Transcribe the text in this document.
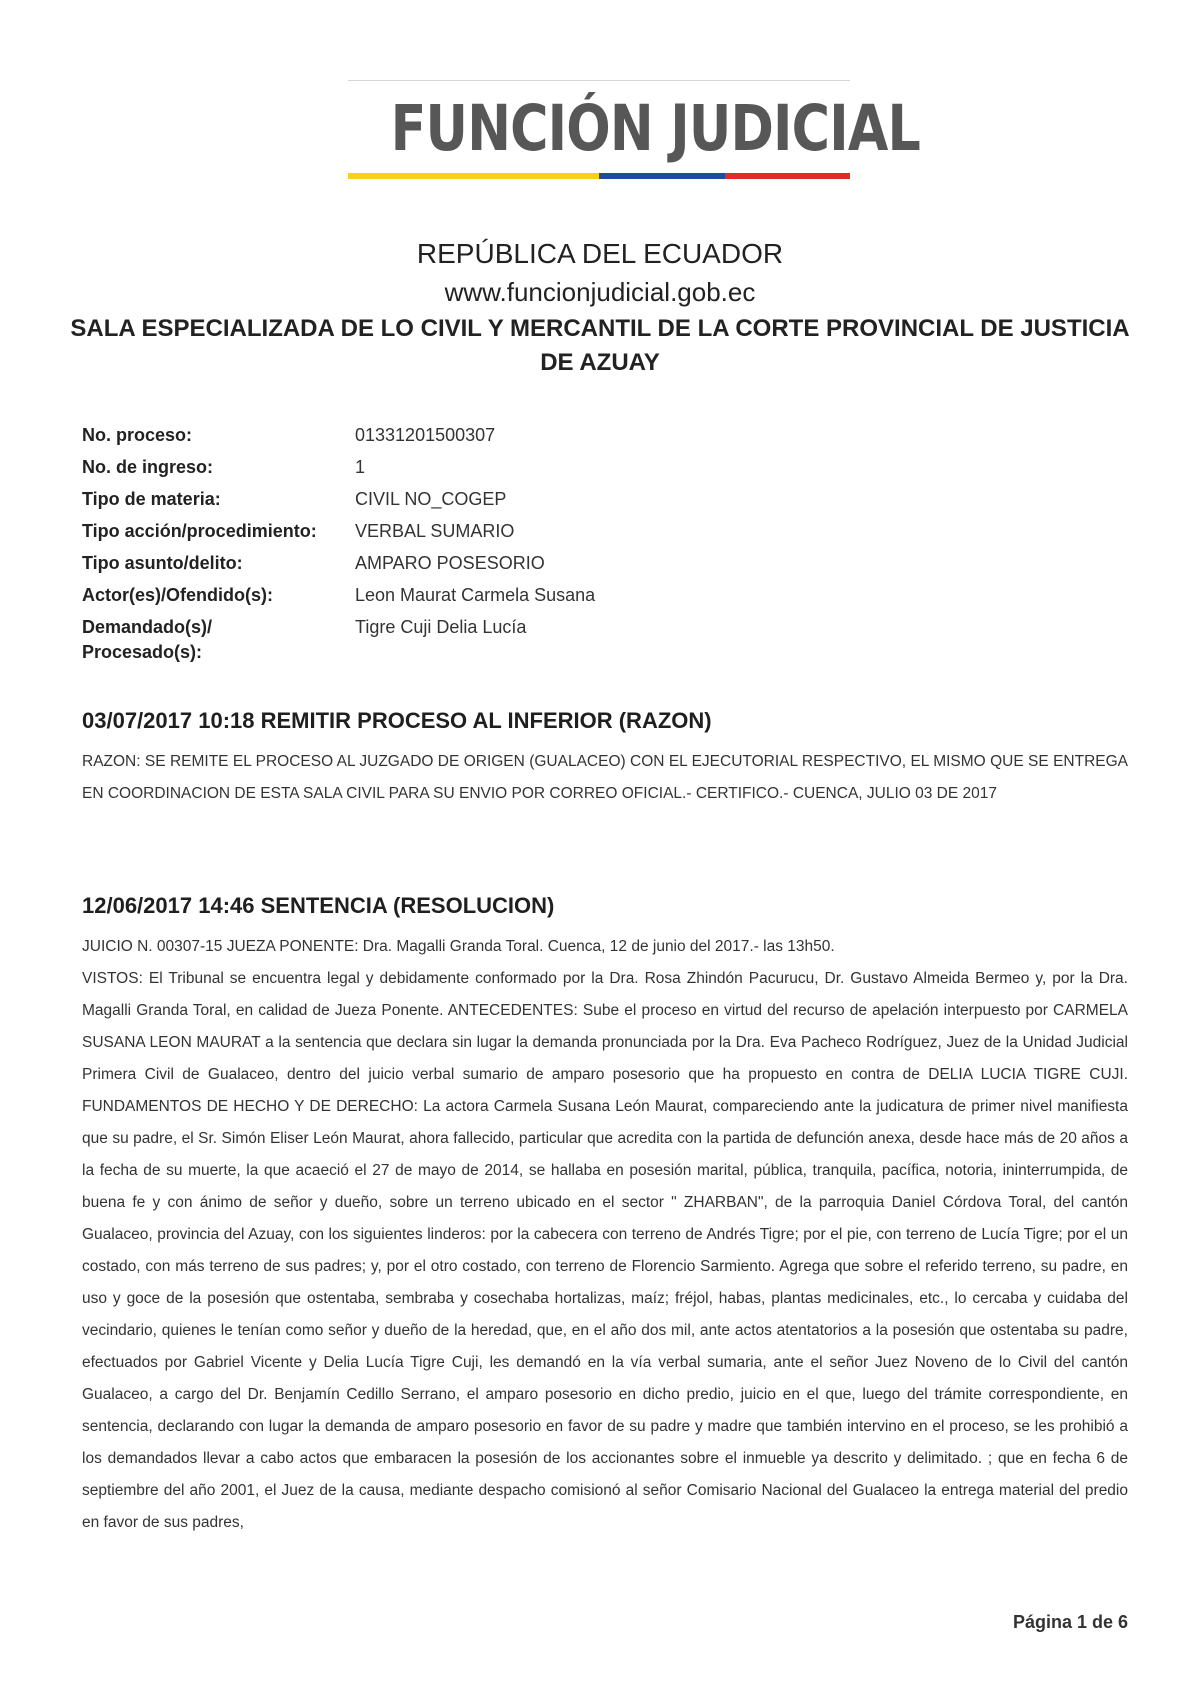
FUNCIÓN JUDICIAL
REPÚBLICA DEL ECUADOR
www.funcionjudicial.gob.ec
SALA ESPECIALIZADA DE LO CIVIL Y MERCANTIL DE LA CORTE PROVINCIAL DE JUSTICIA DE AZUAY
No. proceso:	01331201500307
No. de ingreso:	1
Tipo de materia:	CIVIL NO_COGEP
Tipo acción/procedimiento:	VERBAL SUMARIO
Tipo asunto/delito:	AMPARO POSESORIO
Actor(es)/Ofendido(s):	Leon Maurat Carmela Susana
Demandado(s)/ Procesado(s):
Tigre Cuji Delia Lucía
03/07/2017 10:18 REMITIR PROCESO AL INFERIOR (RAZON)

RAZON: SE REMITE EL PROCESO AL JUZGADO DE ORIGEN (GUALACEO) CON EL EJECUTORIAL RESPECTIVO, EL MISMO QUE SE ENTREGA EN COORDINACION DE ESTA SALA CIVIL PARA SU ENVIO POR CORREO OFICIAL.- CERTIFICO.- CUENCA, JULIO 03 DE 2017

12/06/2017 14:46 SENTENCIA (RESOLUCION)

JUICIO N. 00307-15 JUEZA PONENTE: Dra. Magalli Granda Toral. Cuenca, 12 de junio del 2017.- las 13h50.

VISTOS: El Tribunal se encuentra legal y debidamente conformado por la Dra. Rosa Zhindón Pacurucu, Dr. Gustavo Almeida Bermeo y, por la Dra. Magalli Granda Toral, en calidad de Jueza Ponente. ANTECEDENTES: Sube el proceso en virtud del recurso de apelación interpuesto por CARMELA SUSANA LEON MAURAT a la sentencia que declara sin lugar la demanda pronunciada por la Dra. Eva Pacheco Rodríguez, Juez de la Unidad Judicial Primera Civil de Gualaceo, dentro del juicio verbal sumario de amparo posesorio que ha propuesto en contra de DELIA LUCIA TIGRE CUJI. FUNDAMENTOS DE HECHO Y DE DERECHO: La actora Carmela Susana León Maurat, compareciendo ante la judicatura de primer nivel manifiesta que su padre, el Sr. Simón Eliser León Maurat, ahora fallecido, particular que acredita con la partida de defunción anexa, desde hace más de 20 años a la fecha de su muerte, la que acaeció el 27 de mayo de 2014, se hallaba en posesión marital, pública, tranquila, pacífica, notoria, ininterrumpida, de buena fe y con ánimo de señor y dueño, sobre un terreno ubicado en el sector " ZHARBAN", de la parroquia Daniel Córdova Toral, del cantón Gualaceo, provincia del Azuay, con los siguientes linderos: por la cabecera con terreno de Andrés Tigre; por el pie, con terreno de Lucía Tigre; por el un costado, con más terreno de sus padres; y, por el otro costado, con terreno de Florencio Sarmiento. Agrega que sobre el referido terreno, su padre, en uso y goce de la posesión que ostentaba, sembraba y cosechaba hortalizas, maíz; fréjol, habas, plantas medicinales, etc., lo cercaba y cuidaba del vecindario, quienes le tenían como señor y dueño de la heredad, que, en el año dos mil, ante actos atentatorios a la posesión que ostentaba su padre, efectuados por Gabriel Vicente y Delia Lucía Tigre Cuji, les demandó en la vía verbal sumaria, ante el señor Juez Noveno de lo Civil del cantón Gualaceo, a cargo del Dr. Benjamín Cedillo Serrano, el amparo posesorio en dicho predio, juicio en el que, luego del trámite correspondiente, en sentencia, declarando con lugar la demanda de amparo posesorio en favor de su padre y madre que también intervino en el proceso, se les prohibió a los demandados llevar a cabo actos que embaracen la posesión de los accionantes sobre el inmueble ya descrito y delimitado. ; que en fecha 6 de septiembre del año 2001, el Juez de la causa, mediante despacho comisionó al señor Comisario Nacional del Gualaceo la entrega material del predio en favor de sus padres,

Página 1 de 6
